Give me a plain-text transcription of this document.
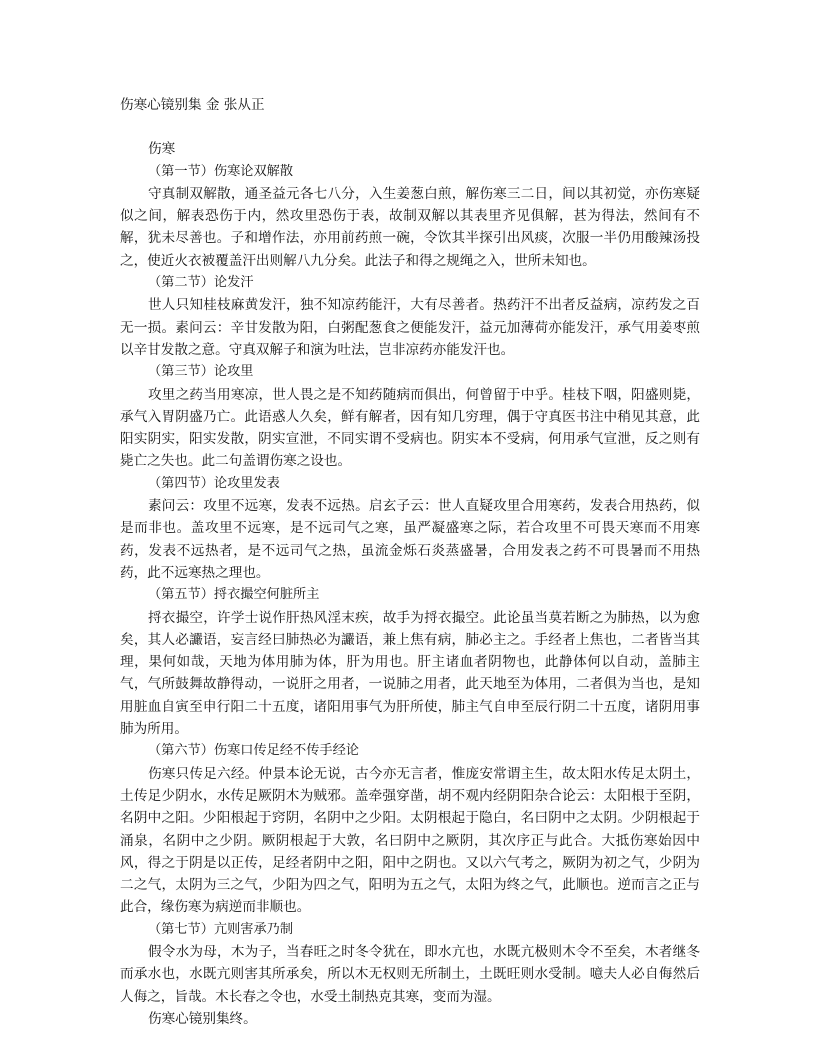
伤寒心镜别集 金 张从正

伤寒

（第一节）伤寒论双解散

守真制双解散，通圣益元各七八分，入生姜葱白煎，解伤寒三二日，间以其初觉，亦伤寒疑似之间，解表恐伤于内，然攻里恐伤于表，故制双解以其表里齐见俱解，甚为得法，然间有不解，犹未尽善也。子和增作法，亦用前药煎一碗，令饮其半探引出风痰，次服一半仍用酸辣汤投之，使近火衣被覆盖汗出则解八九分矣。此法子和得之规绳之入，世所未知也。

（第二节）论发汗

世人只知桂枝麻黄发汗，独不知凉药能汗，大有尽善者。热药汗不出者反益病，凉药发之百无一损。素问云：辛甘发散为阳，白粥配葱食之便能发汗，益元加薄荷亦能发汗，承气用姜枣煎以辛甘发散之意。守真双解子和演为吐法，岂非凉药亦能发汗也。

（第三节）论攻里

攻里之药当用寒凉，世人畏之是不知药随病而俱出，何曾留于中乎。桂枝下咽，阳盛则毙，承气入胃阴盛乃亡。此语惑人久矣，鲜有解者，因有知几穷理，偶于守真医书注中稍见其意，此阳实阴实，阳实发散，阴实宣泄，不同实谓不受病也。阴实本不受病，何用承气宣泄，反之则有毙亡之失也。此二句盖谓伤寒之设也。

（第四节）论攻里发表

素问云：攻里不远寒，发表不远热。启玄子云：世人直疑攻里合用寒药，发表合用热药，似是而非也。盖攻里不远寒，是不远司气之寒，虽严凝盛寒之际，若合攻里不可畏天寒而不用寒药，发表不远热者，是不远司气之热，虽流金烁石炎蒸盛暑，合用发表之药不可畏暑而不用热药，此不远寒热之理也。

（第五节）捋衣撮空何脏所主

捋衣撮空，许学士说作肝热风淫末疾，故手为捋衣撮空。此论虽当莫若断之为肺热，以为愈矣，其人必讝语，妄言经曰肺热必为讝语，兼上焦有病，肺必主之。手经者上焦也，二者皆当其理，果何如哉，天地为体用肺为体，肝为用也。肝主诸血者阴物也，此静体何以自动，盖肺主气，气所鼓舞故静得动，一说肝之用者，一说肺之用者，此天地至为体用，二者俱为当也，是知用脏血自寅至申行阳二十五度，诸阳用事气为肝所使，肺主气自申至辰行阴二十五度，诸阴用事肺为所用。

（第六节）伤寒口传足经不传手经论

伤寒只传足六经。仲景本论无说，古今亦无言者，惟庞安常谓主生，故太阳水传足太阴土，土传足少阴水，水传足厥阴木为贼邪。盖牵强穿凿，胡不观内经阴阳杂合论云：太阳根于至阴，名阴中之阳。少阳根起于窍阴，名阴中之少阳。太阴根起于隐白，名曰阴中之太阴。少阴根起于涌泉，名阴中之少阴。厥阴根起于大敦，名曰阴中之厥阴，其次序正与此合。大抵伤寒始因中风，得之于阴是以正传，足经者阴中之阳，阳中之阴也。又以六气考之，厥阴为初之气，少阴为二之气，太阴为三之气，少阳为四之气，阳明为五之气，太阳为终之气，此顺也。逆而言之正与此合，缘伤寒为病逆而非顺也。

（第七节）亢则害承乃制

假令水为母，木为子，当春旺之时冬令犹在，即水亢也，水既亢极则木令不至矣，木者继冬而承水也，水既亢则害其所承矣，所以木无权则无所制土，土既旺则水受制。噫夫人必自侮然后人侮之，旨哉。木长春之令也，水受土制热克其寒，变而为湿。

伤寒心镜别集终。
